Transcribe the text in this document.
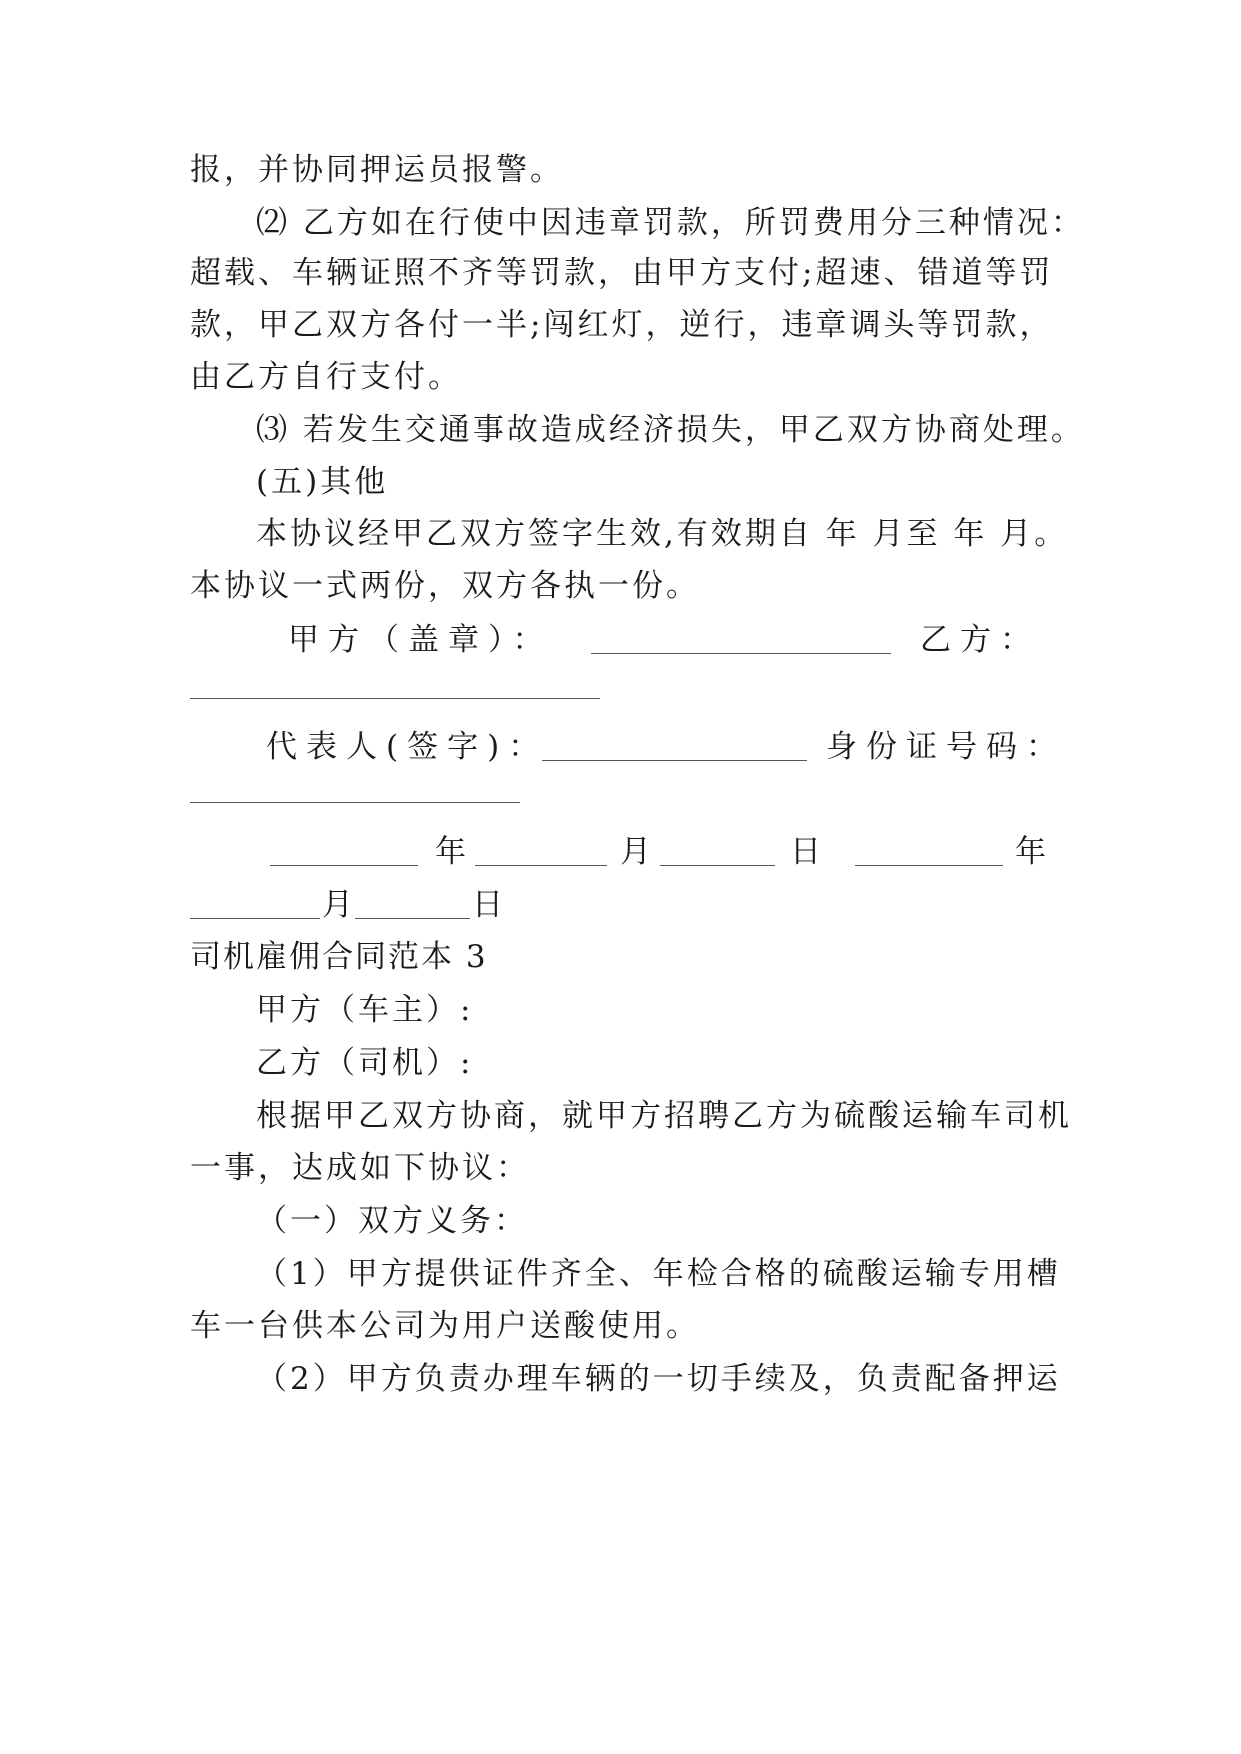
报，并协同押运员报警。
⑵ 乙方如在行使中因违章罚款，所罚费用分三种情况：
超载、车辆证照不齐等罚款，由甲方支付;超速、错道等罚
款，甲乙双方各付一半;闯红灯，逆行，违章调头等罚款，
由乙方自行支付。
⑶ 若发生交通事故造成经济损失，甲乙双方协商处理。
(五)其他
本协议经甲乙双方签字生效,有效期自 年 月至 年 月。
本协议一式两份，双方各执一份。
甲方（盖章）：	乙方：
代表人(签字)：	身份证号码：
年	月	日	年
月	日
司机雇佣合同范本 3
甲方（车主）:
乙方（司机）:
根据甲乙双方协商，就甲方招聘乙方为硫酸运输车司机
一事，达成如下协议：
（一）双方义务：
（1）甲方提供证件齐全、年检合格的硫酸运输专用槽
车一台供本公司为用户送酸使用。
（2）甲方负责办理车辆的一切手续及，负责配备押运
